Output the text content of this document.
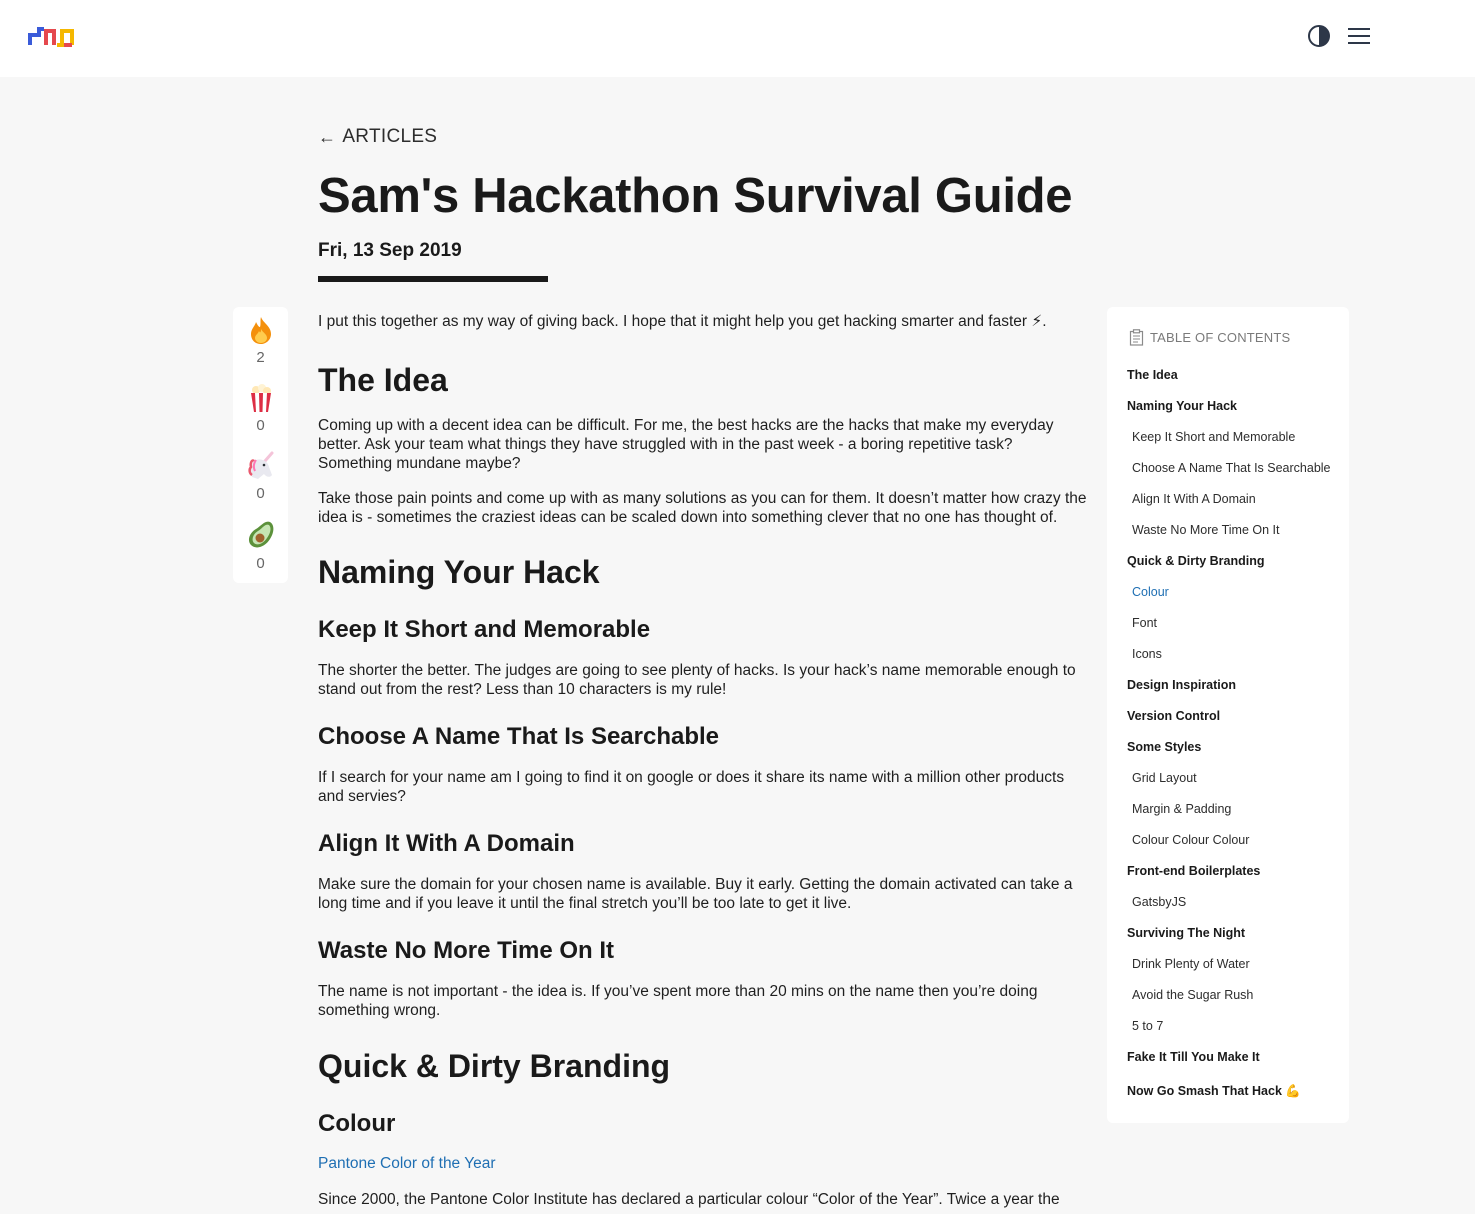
← ARTICLES
Sam's Hackathon Survival Guide
Fri, 13 Sep 2019
2
0
0
0

I put this together as my way of giving back. I hope that it might help you get hacking smarter and faster ⚡.

The Idea

Coming up with a decent idea can be difficult. For me, the best hacks are the hacks that make my everyday better. Ask your team what things they have struggled with in the past week - a boring repetitive task? Something mundane maybe?

Take those pain points and come up with as many solutions as you can for them. It doesn’t matter how crazy the idea is - sometimes the craziest ideas can be scaled down into something clever that no one has thought of.

Naming Your Hack
Keep It Short and Memorable

The shorter the better. The judges are going to see plenty of hacks. Is your hack’s name memorable enough to stand out from the rest? Less than 10 characters is my rule!

Choose A Name That Is Searchable

If I search for your name am I going to find it on google or does it share its name with a million other products and servies?

Align It With A Domain

Make sure the domain for your chosen name is available. Buy it early. Getting the domain activated can take a long time and if you leave it until the final stretch you’ll be too late to get it live.

Waste No More Time On It

The name is not important - the idea is. If you’ve spent more than 20 mins on the name then you’re doing something wrong.

Quick & Dirty Branding
Colour
Pantone Color of the Year

Since 2000, the Pantone Color Institute has declared a particular colour “Color of the Year”. Twice a year the

TABLE OF CONTENTS
The Idea
Naming Your Hack
Keep It Short and Memorable
Choose A Name That Is Searchable
Align It With A Domain
Waste No More Time On It
Quick & Dirty Branding
Colour
Font
Icons
Design Inspiration
Version Control
Some Styles
Grid Layout
Margin & Padding
Colour Colour Colour
Front-end Boilerplates
GatsbyJS
Surviving The Night
Drink Plenty of Water
Avoid the Sugar Rush
5 to 7
Fake It Till You Make It
Now Go Smash That Hack 💪
